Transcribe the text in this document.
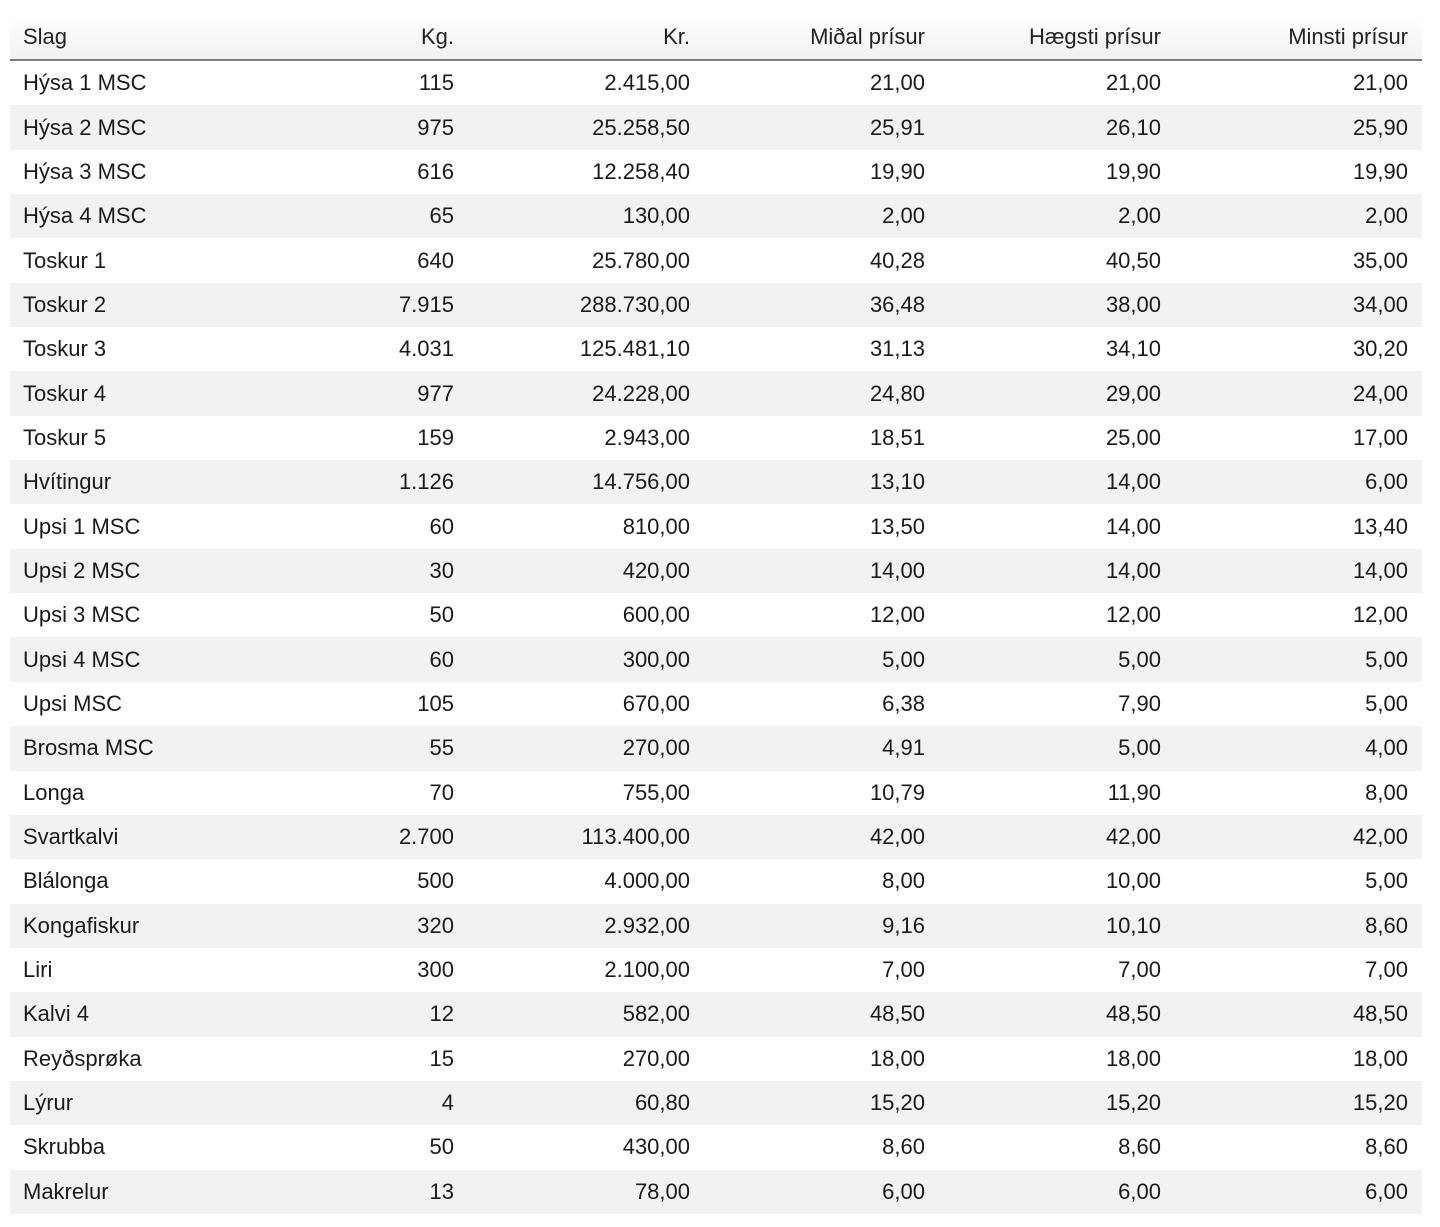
Slag	Kg.	Kr.	Miðal prísur	Hægsti prísur	Minsti prísur
Hýsa 1 MSC	115	2.415,00	21,00	21,00	21,00
Hýsa 2 MSC	975	25.258,50	25,91	26,10	25,90
Hýsa 3 MSC	616	12.258,40	19,90	19,90	19,90
Hýsa 4 MSC	65	130,00	2,00	2,00	2,00
Toskur 1	640	25.780,00	40,28	40,50	35,00
Toskur 2	7.915	288.730,00	36,48	38,00	34,00
Toskur 3	4.031	125.481,10	31,13	34,10	30,20
Toskur 4	977	24.228,00	24,80	29,00	24,00
Toskur 5	159	2.943,00	18,51	25,00	17,00
Hvítingur	1.126	14.756,00	13,10	14,00	6,00
Upsi 1 MSC	60	810,00	13,50	14,00	13,40
Upsi 2 MSC	30	420,00	14,00	14,00	14,00
Upsi 3 MSC	50	600,00	12,00	12,00	12,00
Upsi 4 MSC	60	300,00	5,00	5,00	5,00
Upsi MSC	105	670,00	6,38	7,90	5,00
Brosma MSC	55	270,00	4,91	5,00	4,00
Longa	70	755,00	10,79	11,90	8,00
Svartkalvi	2.700	113.400,00	42,00	42,00	42,00
Blálonga	500	4.000,00	8,00	10,00	5,00
Kongafiskur	320	2.932,00	9,16	10,10	8,60
Liri	300	2.100,00	7,00	7,00	7,00
Kalvi 4	12	582,00	48,50	48,50	48,50
Reyðsprøka	15	270,00	18,00	18,00	18,00
Lýrur	4	60,80	15,20	15,20	15,20
Skrubba	50	430,00	8,60	8,60	8,60
Makrelur	13	78,00	6,00	6,00	6,00
